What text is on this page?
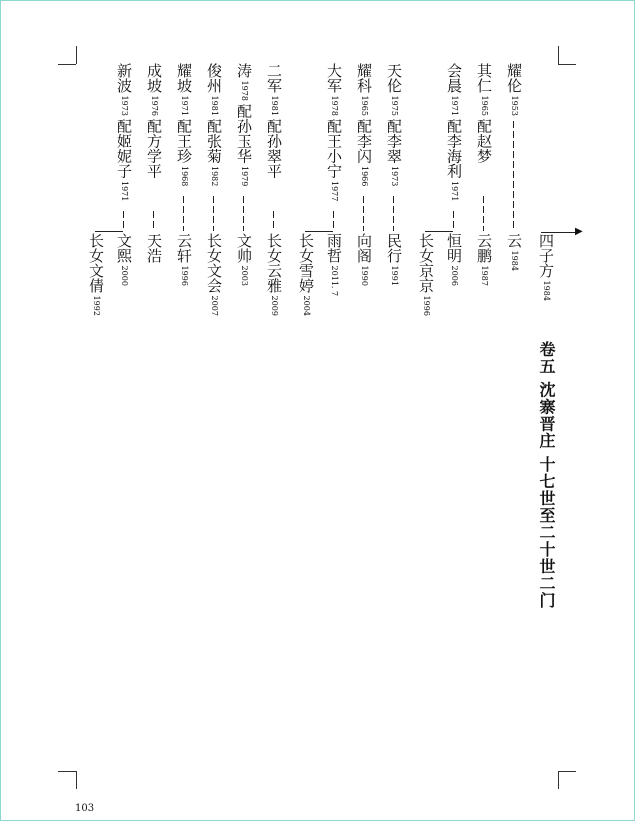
▶
四子方 1984
耀伦 1953
云 1984
其仁 1965 配赵梦
云鹏 1987
会晨 1971 配李海利 1971
恒明 2006
长女京京 1996
天伦 1975 配李翠 1973
民行 1991
耀科 1965 配李闪 1966
向阁 1990
大军 1978 配王小宁 1977
雨哲 2011. 7
长女雪婷 2004
二军 1981 配孙翠平
长女云雅 2009
涛 1978 配孙玉华 1979
文帅 2003
俊州 1981 配张菊 1982
长女文会 2007
耀坡 1971 配王珍 1968
云轩 1996
成坡 1976 配方学平
天浩
新波 1973 配姬妮子 1971
文熙 2000
长女文倩 1992
卷五 沈寨晋庄 十七世至二十世二门
103
